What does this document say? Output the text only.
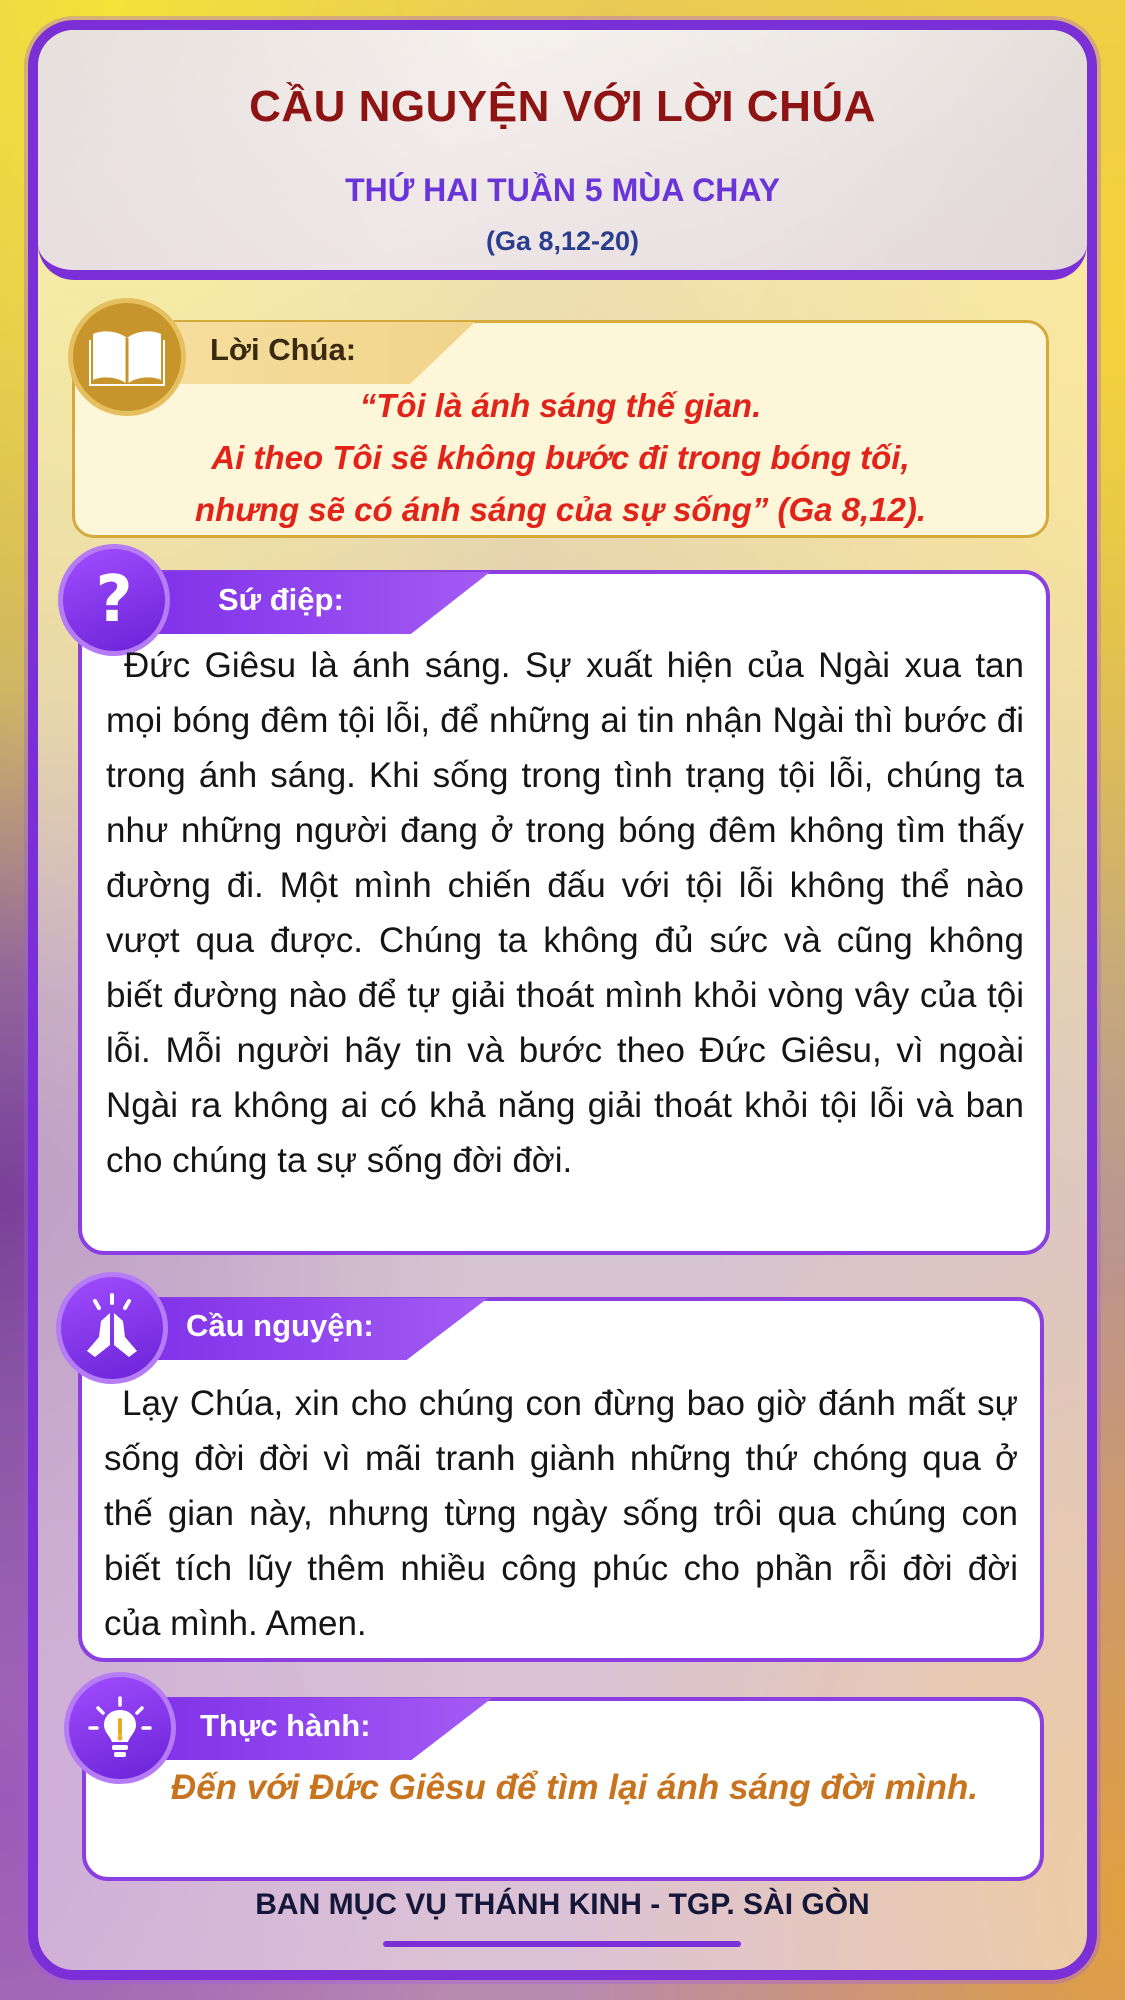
CẦU NGUYỆN VỚI LỜI CHÚA
THỨ HAI TUẦN 5 MÙA CHAY
(Ga 8,12-20)
Lời Chúa:
“Tôi là ánh sáng thế gian.
Ai theo Tôi sẽ không bước đi trong bóng tối,
nhưng sẽ có ánh sáng của sự sống” (Ga 8,12).
Sứ điệp:
?
Đức Giêsu là ánh sáng. Sự xuất hiện của Ngài xua tan mọi bóng đêm tội lỗi, để những ai tin nhận Ngài thì bước đi trong ánh sáng. Khi sống trong tình trạng tội lỗi, chúng ta như những người đang ở trong bóng đêm không tìm thấy đường đi. Một mình chiến đấu với tội lỗi không thể nào vượt qua được. Chúng ta không đủ sức và cũng không biết đường nào để tự giải thoát mình khỏi vòng vây của tội lỗi. Mỗi người hãy tin và bước theo Đức Giêsu, vì ngoài Ngài ra không ai có khả năng giải thoát khỏi tội lỗi và ban cho chúng ta sự sống đời đời.
Cầu nguyện:
Lạy Chúa, xin cho chúng con đừng bao giờ đánh mất sự sống đời đời vì mãi tranh giành những thứ chóng qua ở thế gian này, nhưng từng ngày sống trôi qua chúng con biết tích lũy thêm nhiều công phúc cho phần rỗi đời đời của mình. Amen.
Thực hành:
Đến với Đức Giêsu để tìm lại ánh sáng đời mình.
BAN MỤC VỤ THÁNH KINH - TGP. SÀI GÒN
